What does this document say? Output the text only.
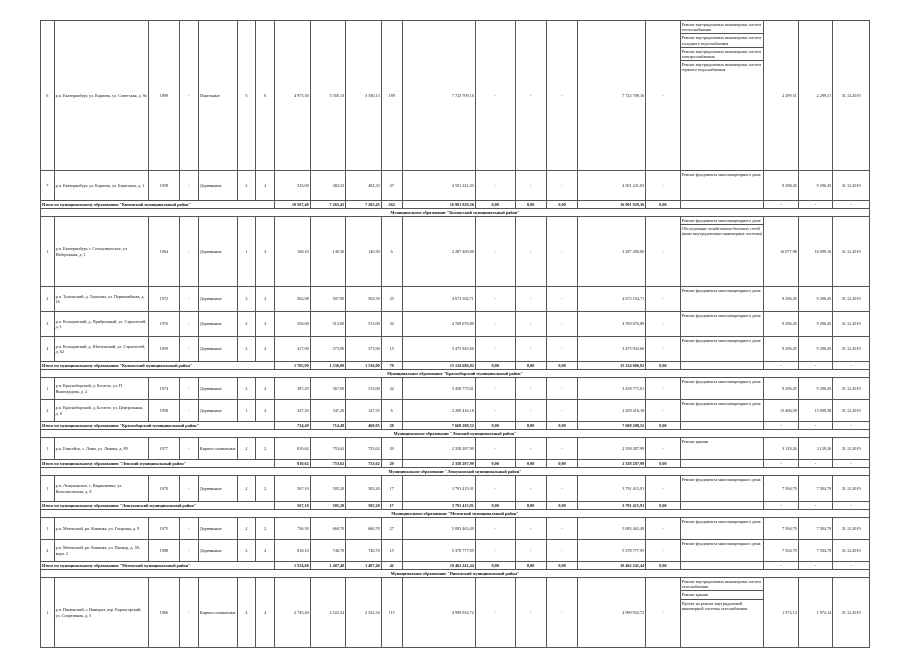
6	р.п. Екатеринбург, ул. Карпова, ул. Советская, д. 9а	1899	-	Панельные	5	6	4 975,30	3 350,13	3 350,13	189	7 723 709,16	-	-	-	7 723 709,16	-	Ремонт внутридомовых инженерных систем теплоснабжения
Ремонт внутридомовых инженерных систем холодного водоснабжения
Ремонт внутридомовых инженерных систем электроснабжения
Ремонт внутридомовых инженерных систем горячего водоснабжения	2 299,51	2 299,51	31.12.2019
7	р.п. Екатеринбург, ул. Карпова, ул. Береговая, д. 1	1958	-	Деревянные	2	2	543,00	484,33	484,33	27	4 501 241,03	-	-	-	4 501 241,03	-	Ремонт фундамента многоквартирного дома	9 298,45	9 296,45	31.12.2019
Итого по муниципальному образованию "Кипенский муниципальный район"							10 567,40	7 265,45	7 265,45	262	16 901 929,36	0,00	0,00	0,00	16 901 929,36	0,00		-	-	-
Муниципальное образование "Колпасский муниципальный район"																				
1	р.п. Екатеринбург, г. Сельцовчатское, ул. Набережная, д. 1	1964	-	Деревянные	1	2	168,10	140,30	140,30	6	2 287 400,00	-	-	-	2 287 400,00	-	Ремонт фундамента многоквартирного дома
Обследование хозяйственно-бытовых сетей (иные внутридомовые инженерные системы)	16 077,98	16 099,16	31.12.2019
2	р.п. Туношский, д. Туношна, ул. Первомайская, д. 16	1972	-	Деревянные	2	2	562,98	507,90	502,50	25	4 673 104,71	-	-	-	4 673 104,71	-	Ремонт фундамента многоквартирного дома	9 296,45	9 296,45	31.12.2019
3	р.п. Кольцовский, д. Прибрежный, ул. Строителей, д. 1	1976	-	Деревянные	2	2	556,00	513,00	513,00	32	4 769 076,89	-	-	-	4 769 076,89	-	Ремонт фундамента многоквартирного дома	9 296,45	9 296,45	31.12.2019
4	р.п. Кольцовский, д. Шастинский, ул. Строителей, д. 62	1959	-	Деревянные	2	2	417,00	373,90	373,90	15	3 475 943,66	-	-	-	3 475 943,66	-	Ремонт фундамента многоквартирного дома	9 296,45	9 296,45	31.12.2019
Итого по муниципальному образованию "Колпасский муниципальный район"							1 705,90	1 536,00	1 536,00	78	15 124 686,82	0,00	0,00	0,00	15 124 686,82	0,00		-	-	-
Муниципальное образование "Красноборский муниципальный район"																				
1	р.п. Красноборский, д. Богатое, ул. П. Виноградова, д. 2	1974	-	Деревянные	2	2	387,29	367,00	313,00	22	3 458 775,01	-	-	-	3 458 775,01	-	Ремонт фундамента многоквартирного дома	9 296,45	9 296,45	31.12.2019
2	р.п. Красноборский, д. Богатое, ул. Центральная, д. 9	1958	-	Деревянные	1	4	347,20	347,20	147,35	6	2 209 416,18	-	-	-	2 209 416,18	-	Ремонт фундамента многоквартирного дома	15 406,58	15 009,58	31.12.2019
Итого по муниципальному образованию "Красноборский муниципальный район"							734,49	714,49	460,05	28	7 668 208,52	0,00	0,00	0,00	7 668 208,52	0,00		-	-	-
Муниципальное образование "Ленский муниципальный район"																				
1	р.п. Енисейск, с. Лены, ул. Ленина, д. 89	1977	-	Кирпич силикатные	2	2	810,62	753,62	753,62	29	2 358 287,99	-	-	-	2 358 287,99	-	Ремонт крыши	3 129,26	3 129,26	31.12.2019
Итого по муниципальному образованию "Ленский муниципальный район"							810,62	753,62	753,62	29	2 358 287,99	0,00	0,00	0,00	2 358 287,99	0,00		-	-	-
Муниципальное образование "Лешуконский муниципальный район"																				
1	р.п. Лешуконское, с. Вырыпаевка, ул. Комсомольская, д. 8	1970	-	Деревянные	2	2	567,10	505,20	505,20	17	3 791 415,91	-	-	-	3 791 415,91	-	Ремонт фундамента многоквартирного дома	7 504,79	7 504,79	31.12.2019
Итого по муниципальному образованию "Лешуконский муниципальный район"							567,10	505,20	505,20	17	3 791 415,91	0,00	0,00	0,00	3 791 415,91	0,00		-	-	-
Муниципальное образование "Мезенский муниципальный район"																				
1	р.п. Мезенский, рп. Каменка, ул. Гагарина, д. 9	1975	-	Деревянные	2	2	736,39	660,70	660,70	27	5 083 463,49	-	-	-	5 083 463,49	-	Ремонт фундамента многоквартирного дома	7 504,79	7 504,79	31.12.2019
2	р.п. Мезенский, рп. Каменка, ул. Пионер, д. 38, корп. 2	1988	-	Деревянные	2	2	818,10	746,70	746,70	15	5 378 777,95	-	-	-	5 378 777,95	-	Ремонт фундамента многоквартирного дома	7 504,79	7 504,79	31.12.2019
Итого по муниципальному образованию "Мезенский муниципальный район"							1 554,60	1 407,40	1 407,40	42	10 462 241,44	0,00	0,00	0,00	10 462 241,44	0,00		-	-	-
Муниципальное образование "Пинежский муниципальный район"																				
1	р.п. Пинежский, г. Нянюрьт, пер. Карпогорский, ул. Спортивная, д. 5	1966	-	Кирпич силикатные	4	4	2 745,40	2 522,34	2 522,34	115	4 999 932,72	-	-	-	4 999 932,72	-	Ремонт внутридомовых инженерных систем газоснабжения
Ремонт крыши
Проект на ремонт внутридомовой инженерной системы газоснабжения	1 974,14	1 974,14	31.12.2019
